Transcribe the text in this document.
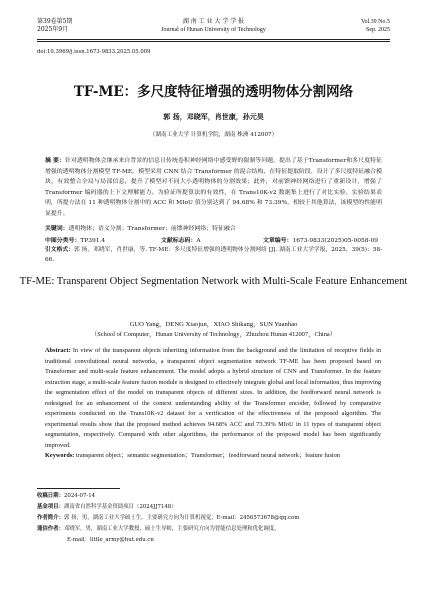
第39卷第5期
2025年9月
湖 南 工 业 大 学 学 报
Journal of Hunan University of Technology
Vol.39 No.5
Sep. 2025
doi:10.3969/j.issn.1673-9833.2025.05.009
TF-ME：多尺度特征增强的透明物体分割网络
郭 扬，邓晓军，肖世康，孙元昊
（湖南工业大学 计算机学院，湖南 株洲 412007）
摘 要：针对透明物体会继承来自背景的信息且传统卷积神经网络中感受野的限制等问题，提出了基于Transformer和多尺度特征增强的透明物体分割模型 TF-ME。模型采用 CNN 结合 Transformer 的混合结构，在特征提取阶段，设计了多尺度特征融合模块，有效整合全局与局部信息，提升了模型对不同大小透明物体的分割效果；此外，对前馈神经网络进行了重新设计，增强了 Transformer 编码器的上下文理解能力。为验证所提算法的有效性，在 Trans10K-v2 数据集上进行了对比实验。实验结果表明，所提方法在 11 种透明物体分割中的 ACC 和 MIoU 值分别达到了 94.68% 和 73.39%，相较于其他算法，该模型的性能明显提升。
关键词：透明物体；语义分割；Transformer；前馈神经网络；特征融合
中图分类号：TP391.4	文献标志码：A	文章编号：1673-9833(2025)05-0058-09
引文格式：郭 扬，邓晓军，肖世康，等. TF-ME：多尺度特征增强的透明物体分割网络 [J]. 湖南工业大学学报，2025，39(5)：58-66.
TF-ME: Transparent Object Segmentation Network with Multi-Scale Feature Enhancement
GUO Yang，DENG Xiaojun，XIAO Shikang，SUN Yuanhao
（School of Computer，Hunan University of Technology，Zhuzhou Hunan 412007，China）
Abstract: In view of the transparent objects inheriting information from the background and the limitation of receptive fields in traditional convolutional neural networks, a transparent object segmentation network TF-ME has been proposed based on Transformer and multi-scale feature enhancement. The model adopts a hybrid structure of CNN and Transformer. In the feature extraction stage, a multi-scale feature fusion module is designed to effectively integrate global and local information, thus improving the segmentation effect of the model on transparent objects of different sizes. In addition, the feedforward neural network is redesigned for an enhancement of the context understanding ability of the Transformer encoder, followed by comparative experiments conducted on the Trans10K-v2 dataset for a verification of the effectiveness of the proposed algorithm. The experimental results show that the proposed method achieves 94.68% ACC and 73.39% MIoU in 11 types of transparent object segmentation, respectively. Compared with other algorithms, the performance of the proposed model has been significantly improved.
Keywords: transparent object；semantic segmentation；Transformer；feedforward neural network；feature fusion
收稿日期：2024-07-14
基金项目：湖南省自然科学基金资助项目（2024JJ7148）
作者简介：郭 扬，男，湖南工业大学硕士生，主要研究方向为计算机视觉，E-mail：2456573678@qq.com
通信作者：邓晓军，男，湖南工业大学教授，硕士生导师，主要研究方向为智能信息处理和优化调度，
E-mail：little_army@hut.edu.cn
